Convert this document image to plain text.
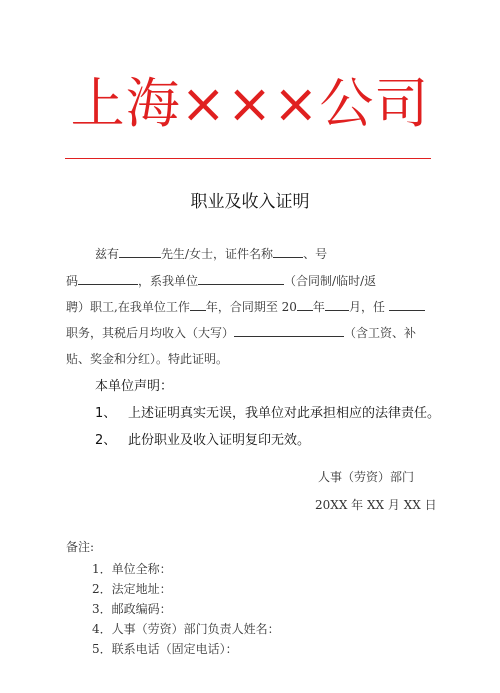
上海×××公司
职业及收入证明
兹有	先生/女士，证件名称	、号
码	，系我单位	（合同制/临时/返
聘）职工,在我单位工作 年，合同期至 20 年 月，任
职务，其税后月均收入（大写）	（含工资、补
贴、奖金和分红）。特此证明。
本单位声明：
1、 上述证明真实无误，我单位对此承担相应的法律责任。
2、 此份职业及收入证明复印无效。
人事（劳资）部门
20XX 年 XX 月 XX 日
备注:
1．单位全称：
2．法定地址：
3．邮政编码：
4．人事（劳资）部门负责人姓名：
5．联系电话（固定电话）：
